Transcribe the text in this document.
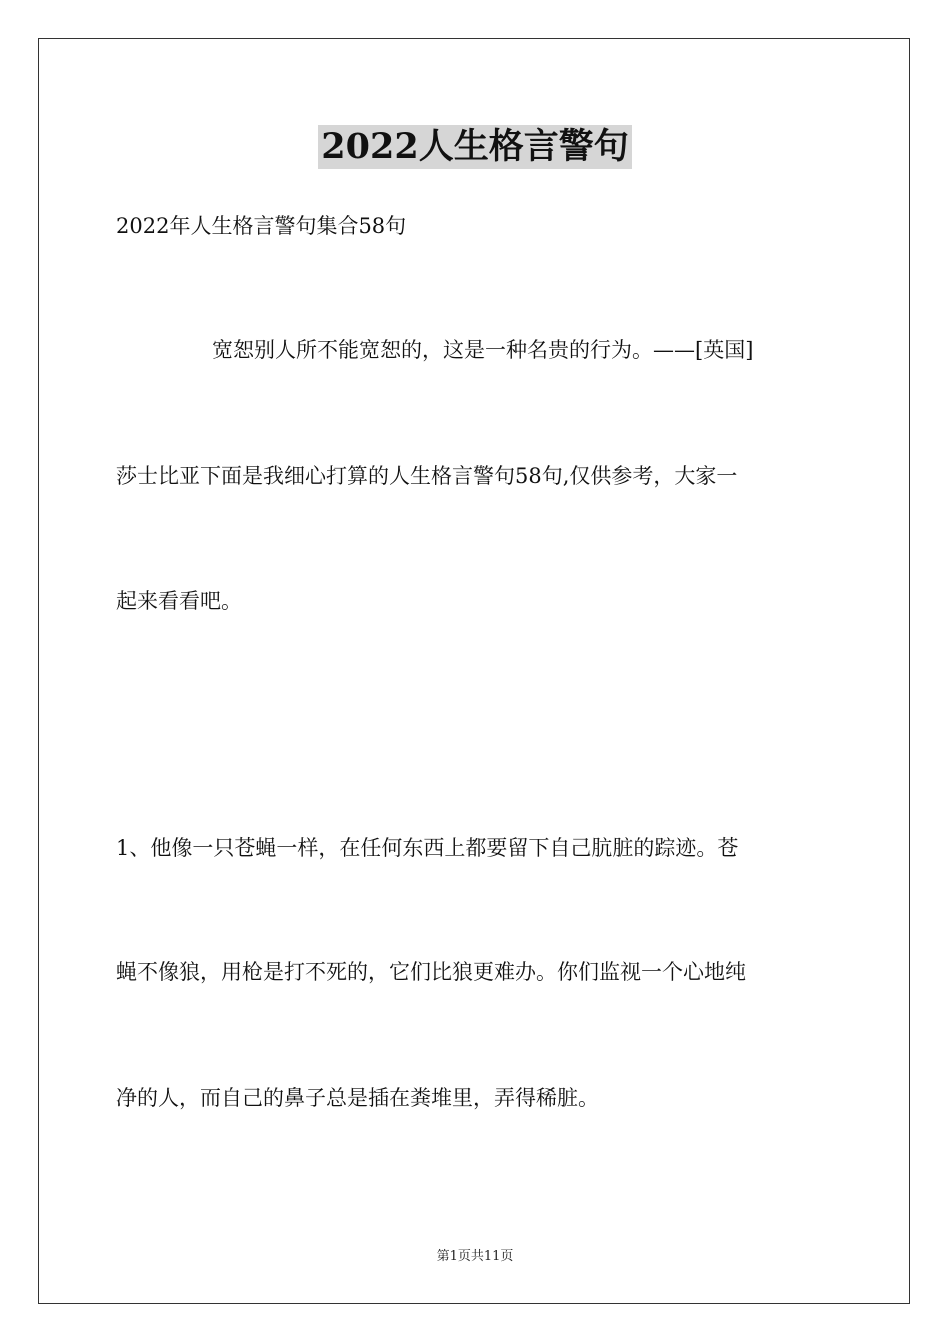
2022人生格言警句
2022年人生格言警句集合58句
宽恕别人所不能宽恕的，这是一种名贵的行为。——[英国]
莎士比亚下面是我细心打算的人生格言警句58句,仅供参考，大家一
起来看看吧。
1、他像一只苍蝇一样，在任何东西上都要留下自己肮脏的踪迹。苍
蝇不像狼，用枪是打不死的，它们比狼更难办。你们监视一个心地纯
净的人，而自己的鼻子总是插在粪堆里，弄得稀脏。
第1页共11页
